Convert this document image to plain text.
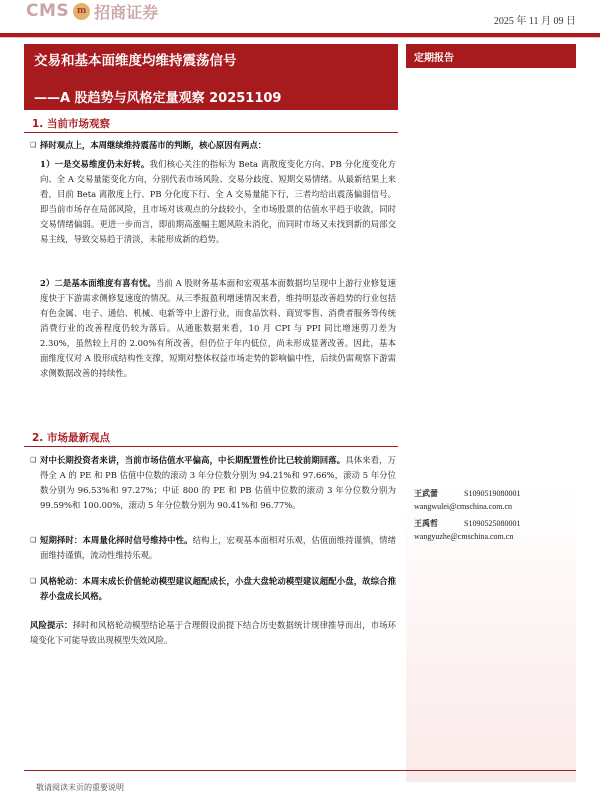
CMS m 招商证券	2025 年 11 月 09 日
交易和基本面维度均维持震荡信号
——A 股趋势与风格定量观察 20251109
定期报告
1. 当前市场观察
❑ 择时观点上，本周继续维持震荡市的判断，核心原因有两点：
1）一是交易维度仍未好转。我们核心关注的指标为 Beta 离散度变化方向、PB 分化度变化方向、全 A 交易量能变化方向，分别代表市场风险、交易分歧度、短期交易情绪。从最新结果上来看，目前 Beta 离散度上行、PB 分化度下行、全 A 交易量能下行，三者均给出震荡偏弱信号。即当前市场存在局部风险，且市场对该观点的分歧较小，全市场股票的估值水平趋于收敛，同时交易情绪偏弱。更进一步而言，即前期高涨幅主题风险未消化，而同时市场又未找到新的局部交易主线，导致交易趋于清淡，未能形成新的趋势。
2）二是基本面维度有喜有忧。当前 A 股财务基本面和宏观基本面数据均呈现中上游行业修复速度快于下游需求侧修复速度的情况。从三季报盈利增速情况来看，维持明显改善趋势的行业包括有色金属、电子、通信、机械、电新等中上游行业，而食品饮料、商贸零售、消费者服务等传统消费行业的改善程度仍较为落后。从通胀数据来看，10 月 CPI 与 PPI 同比增速剪刀差为 2.30%，虽然较上月的 2.00%有所改善，但仍位于年内低位，尚未形成显著改善。因此，基本面维度仅对 A 股形成结构性支撑，短期对整体权益市场走势的影响偏中性，后续仍需观察下游需求侧数据改善的持续性。
2. 市场最新观点
❑ 对中长期投资者来讲，当前市场估值水平偏高，中长期配置性价比已较前期回落。具体来看，万得全 A 的 PE 和 PB 估值中位数的滚动 3 年分位数分别为 94.21%和 97.66%，滚动 5 年分位数分别为 96.53%和 97.27%；中证 800 的 PE 和 PB 估值中位数的滚动 3 年分位数分别为 99.59%和 100.00%，滚动 5 年分位数分别为 90.41%和 96.77%。
❑ 短期择时：本周量化择时信号维持中性。结构上，宏观基本面相对乐观，估值面维持谨慎，情绪面维持谨慎，流动性维持乐观。
❑ 风格轮动：本周末成长价值轮动模型建议超配成长，小盘大盘轮动模型建议超配小盘，故综合推荐小盘成长风格。
风险提示：择时和风格轮动模型结论基于合理假设前提下结合历史数据统计规律推导而出，市场环境变化下可能导致出现模型失效风险。
王武蕾	S1090519080001
wangwulei@cmschina.com.cn
王禹哲	S1090525080001
wangyuzhe@cmschina.com.cn
敬请阅读末页的重要说明
